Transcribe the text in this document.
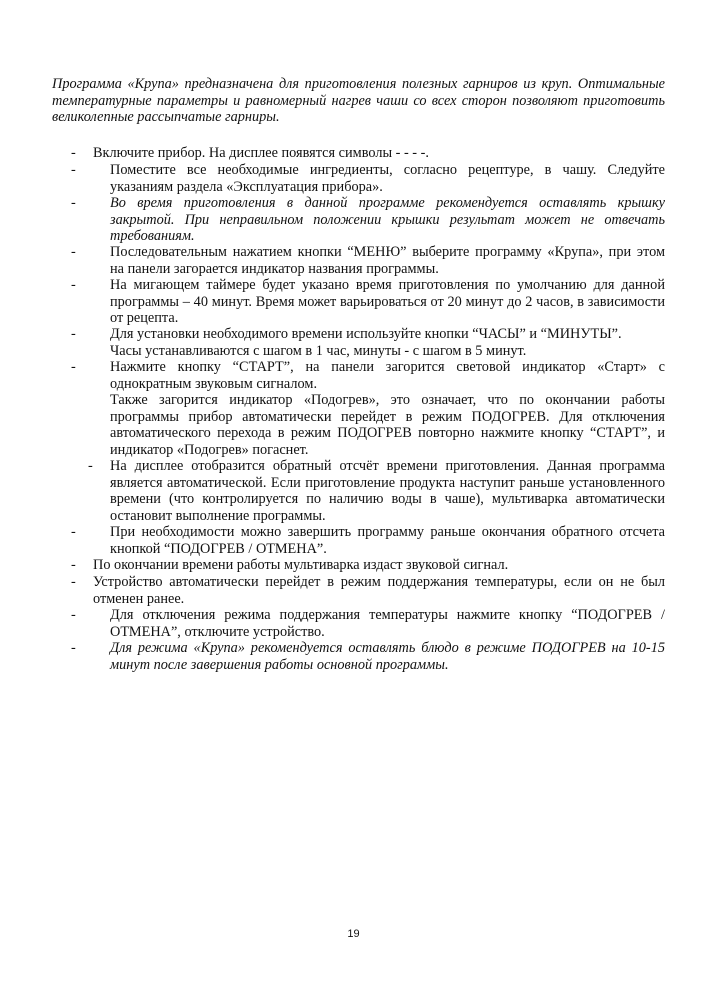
Программа «Крупа» предназначена для приготовления полезных гарниров из круп. Оптимальные температурные параметры и равномерный нагрев чаши со всех сторон позволяют приготовить великолепные рассыпчатые гарниры.
- Включите прибор. На дисплее появятся символы - - - -.
- Поместите все необходимые ингредиенты, согласно рецептуре, в чашу. Следуйте указаниям раздела «Эксплуатация прибора».
- Во время приготовления в данной программе рекомендуется оставлять крышку закрытой. При неправильном положении крышки результат может не отвечать требованиям.
- Последовательным нажатием кнопки “МЕНЮ” выберите программу «Крупа», при этом на панели загорается индикатор названия программы.
- На мигающем таймере будет указано время приготовления по умолчанию для данной программы – 40 минут. Время может варьироваться от 20 минут до 2 часов, в зависимости от рецепта.
- Для установки необходимого времени используйте кнопки “ЧАСЫ” и “МИНУТЫ”.
Часы устанавливаются с шагом в 1 час, минуты - с шагом в 5 минут.
- Нажмите кнопку “СТАРТ”, на панели загорится световой индикатор «Старт» с однократным звуковым сигналом.
Также загорится индикатор «Подогрев», это означает, что по окончании работы программы прибор автоматически перейдет в режим ПОДОГРЕВ. Для отключения автоматического перехода в режим ПОДОГРЕВ повторно нажмите кнопку “СТАРТ”, и индикатор «Подогрев» погаснет.
- На дисплее отобразится обратный отсчёт времени приготовления. Данная программа является автоматической. Если приготовление продукта наступит раньше установленного времени (что контролируется по наличию воды в чаше), мультиварка автоматически остановит выполнение программы.
- При необходимости можно завершить программу раньше окончания обратного отсчета кнопкой “ПОДОГРЕВ / ОТМЕНА”.
- По окончании времени работы мультиварка издаст звуковой сигнал.
- Устройство автоматически перейдет в режим поддержания температуры, если он не был отменен ранее.
- Для отключения режима поддержания температуры нажмите кнопку “ПОДОГРЕВ / ОТМЕНА”, отключите устройство.
- Для режима «Крупа» рекомендуется оставлять блюдо в режиме ПОДОГРЕВ на 10-15 минут после завершения работы основной программы.
19
